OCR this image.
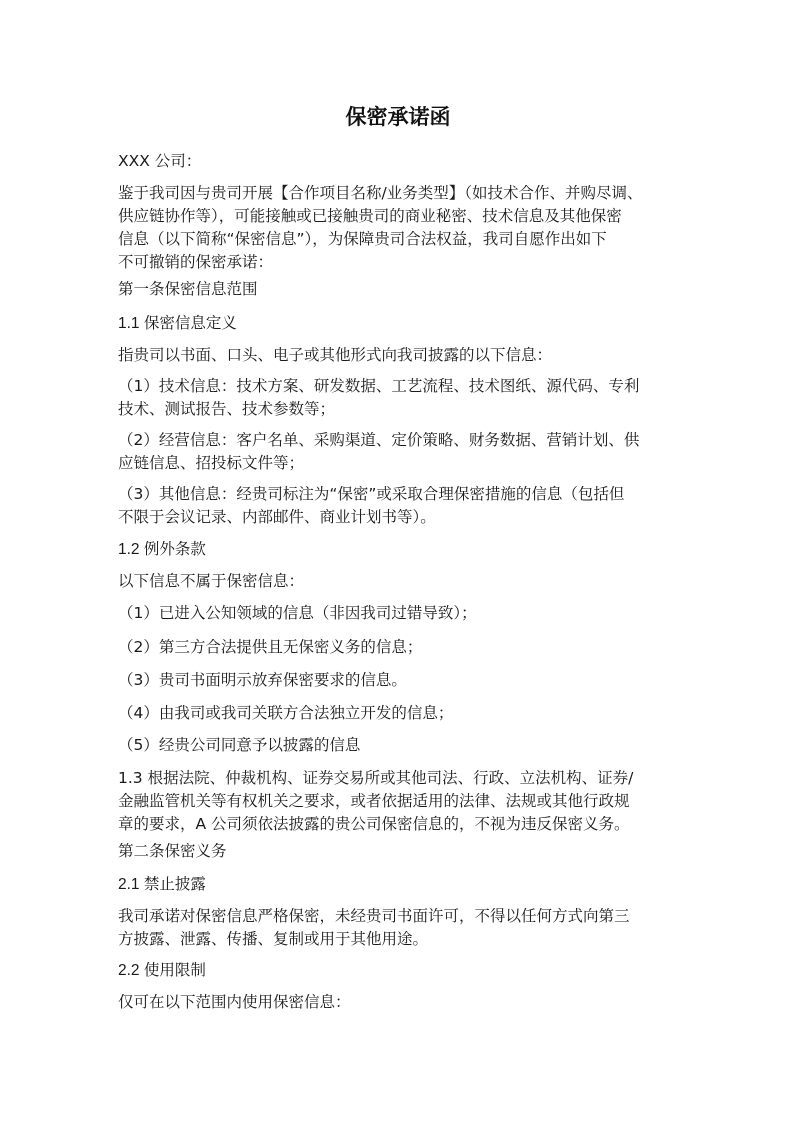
保密承诺函

XXX 公司：

鉴于我司因与贵司开展【合作项目名称/业务类型】（如技术合作、并购尽调、
供应链协作等），可能接触或已接触贵司的商业秘密、技术信息及其他保密
信息（以下简称“保密信息”），为保障贵司合法权益，我司自愿作出如下
不可撤销的保密承诺：

第一条保密信息范围

1.1 保密信息定义

指贵司以书面、口头、电子或其他形式向我司披露的以下信息：

（1）技术信息：技术方案、研发数据、工艺流程、技术图纸、源代码、专利
技术、测试报告、技术参数等；
（2）经营信息：客户名单、采购渠道、定价策略、财务数据、营销计划、供
应链信息、招投标文件等；
（3）其他信息：经贵司标注为“保密”或采取合理保密措施的信息（包括但
不限于会议记录、内部邮件、商业计划书等）。

1.2 例外条款

以下信息不属于保密信息：

（1）已进入公知领域的信息（非因我司过错导致）；

（2）第三方合法提供且无保密义务的信息；

（3）贵司书面明示放弃保密要求的信息。

（4）由我司或我司关联方合法独立开发的信息；

（5）经贵公司同意予以披露的信息

1.3 根据法院、仲裁机构、证券交易所或其他司法、行政、立法机构、证券/
金融监管机关等有权机关之要求，或者依据适用的法律、法规或其他行政规
章的要求，A 公司须依法披露的贵公司保密信息的，不视为违反保密义务。

第二条保密义务

2.1 禁止披露

我司承诺对保密信息严格保密，未经贵司书面许可，不得以任何方式向第三
方披露、泄露、传播、复制或用于其他用途。

2.2 使用限制

仅可在以下范围内使用保密信息：
